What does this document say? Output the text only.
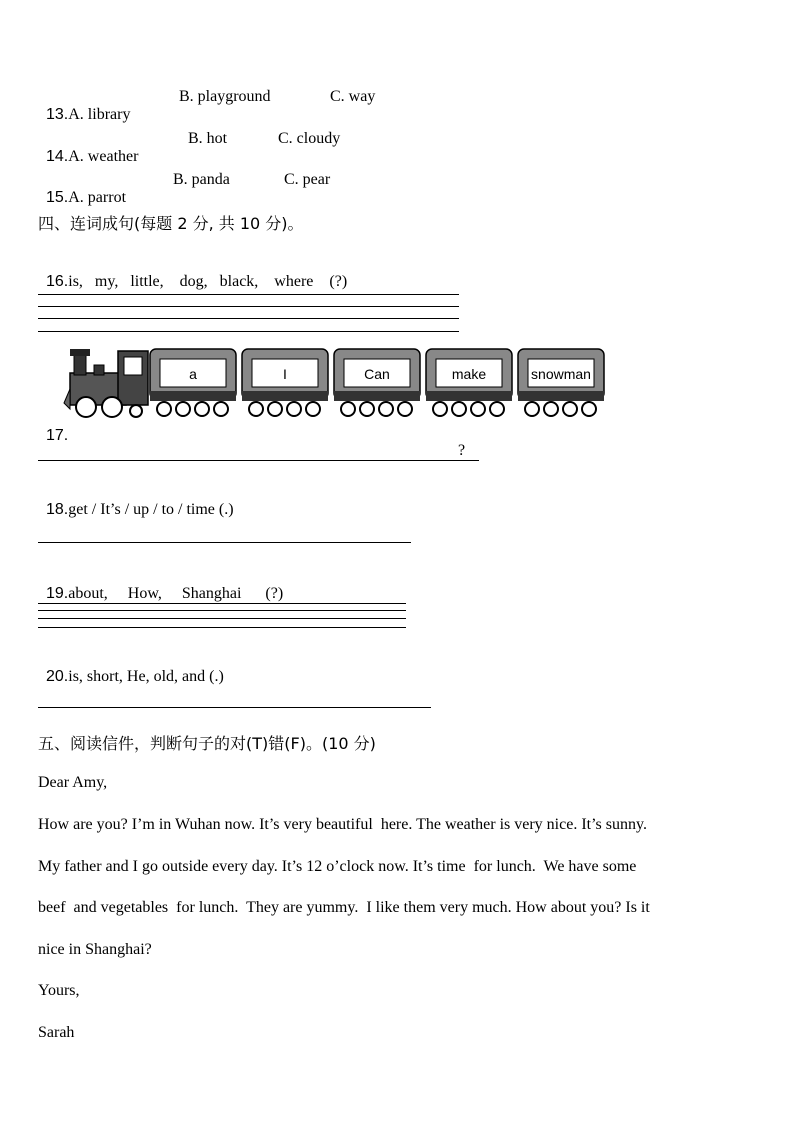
13.A. library

B. playground	C. way

14.A. weather

B. hot	C. cloudy

15.A. parrot

B. panda	C. pear
四、连词成句(每题 2 分, 共 10 分)。

16.is,   my,   little,    dog,   black,    where    (?)

a	I	Can	make	snowman

17.

?

18.get / It’s / up / to / time (.)

19.about,     How,     Shanghai      (?)

20.is, short, He, old, and (.)

五、阅读信件，判断句子的对(T)错(F)。(10 分)
Dear Amy,
How are you? I’m in Wuhan now. It’s very beautiful  here. The weather is very nice. It’s sunny.
My father and I go outside every day. It’s 12 o’clock now. It’s time  for lunch.  We have some
beef  and vegetables  for lunch.  They are yummy.  I like them very much. How about you? Is it
nice in Shanghai?
Yours,
Sarah
